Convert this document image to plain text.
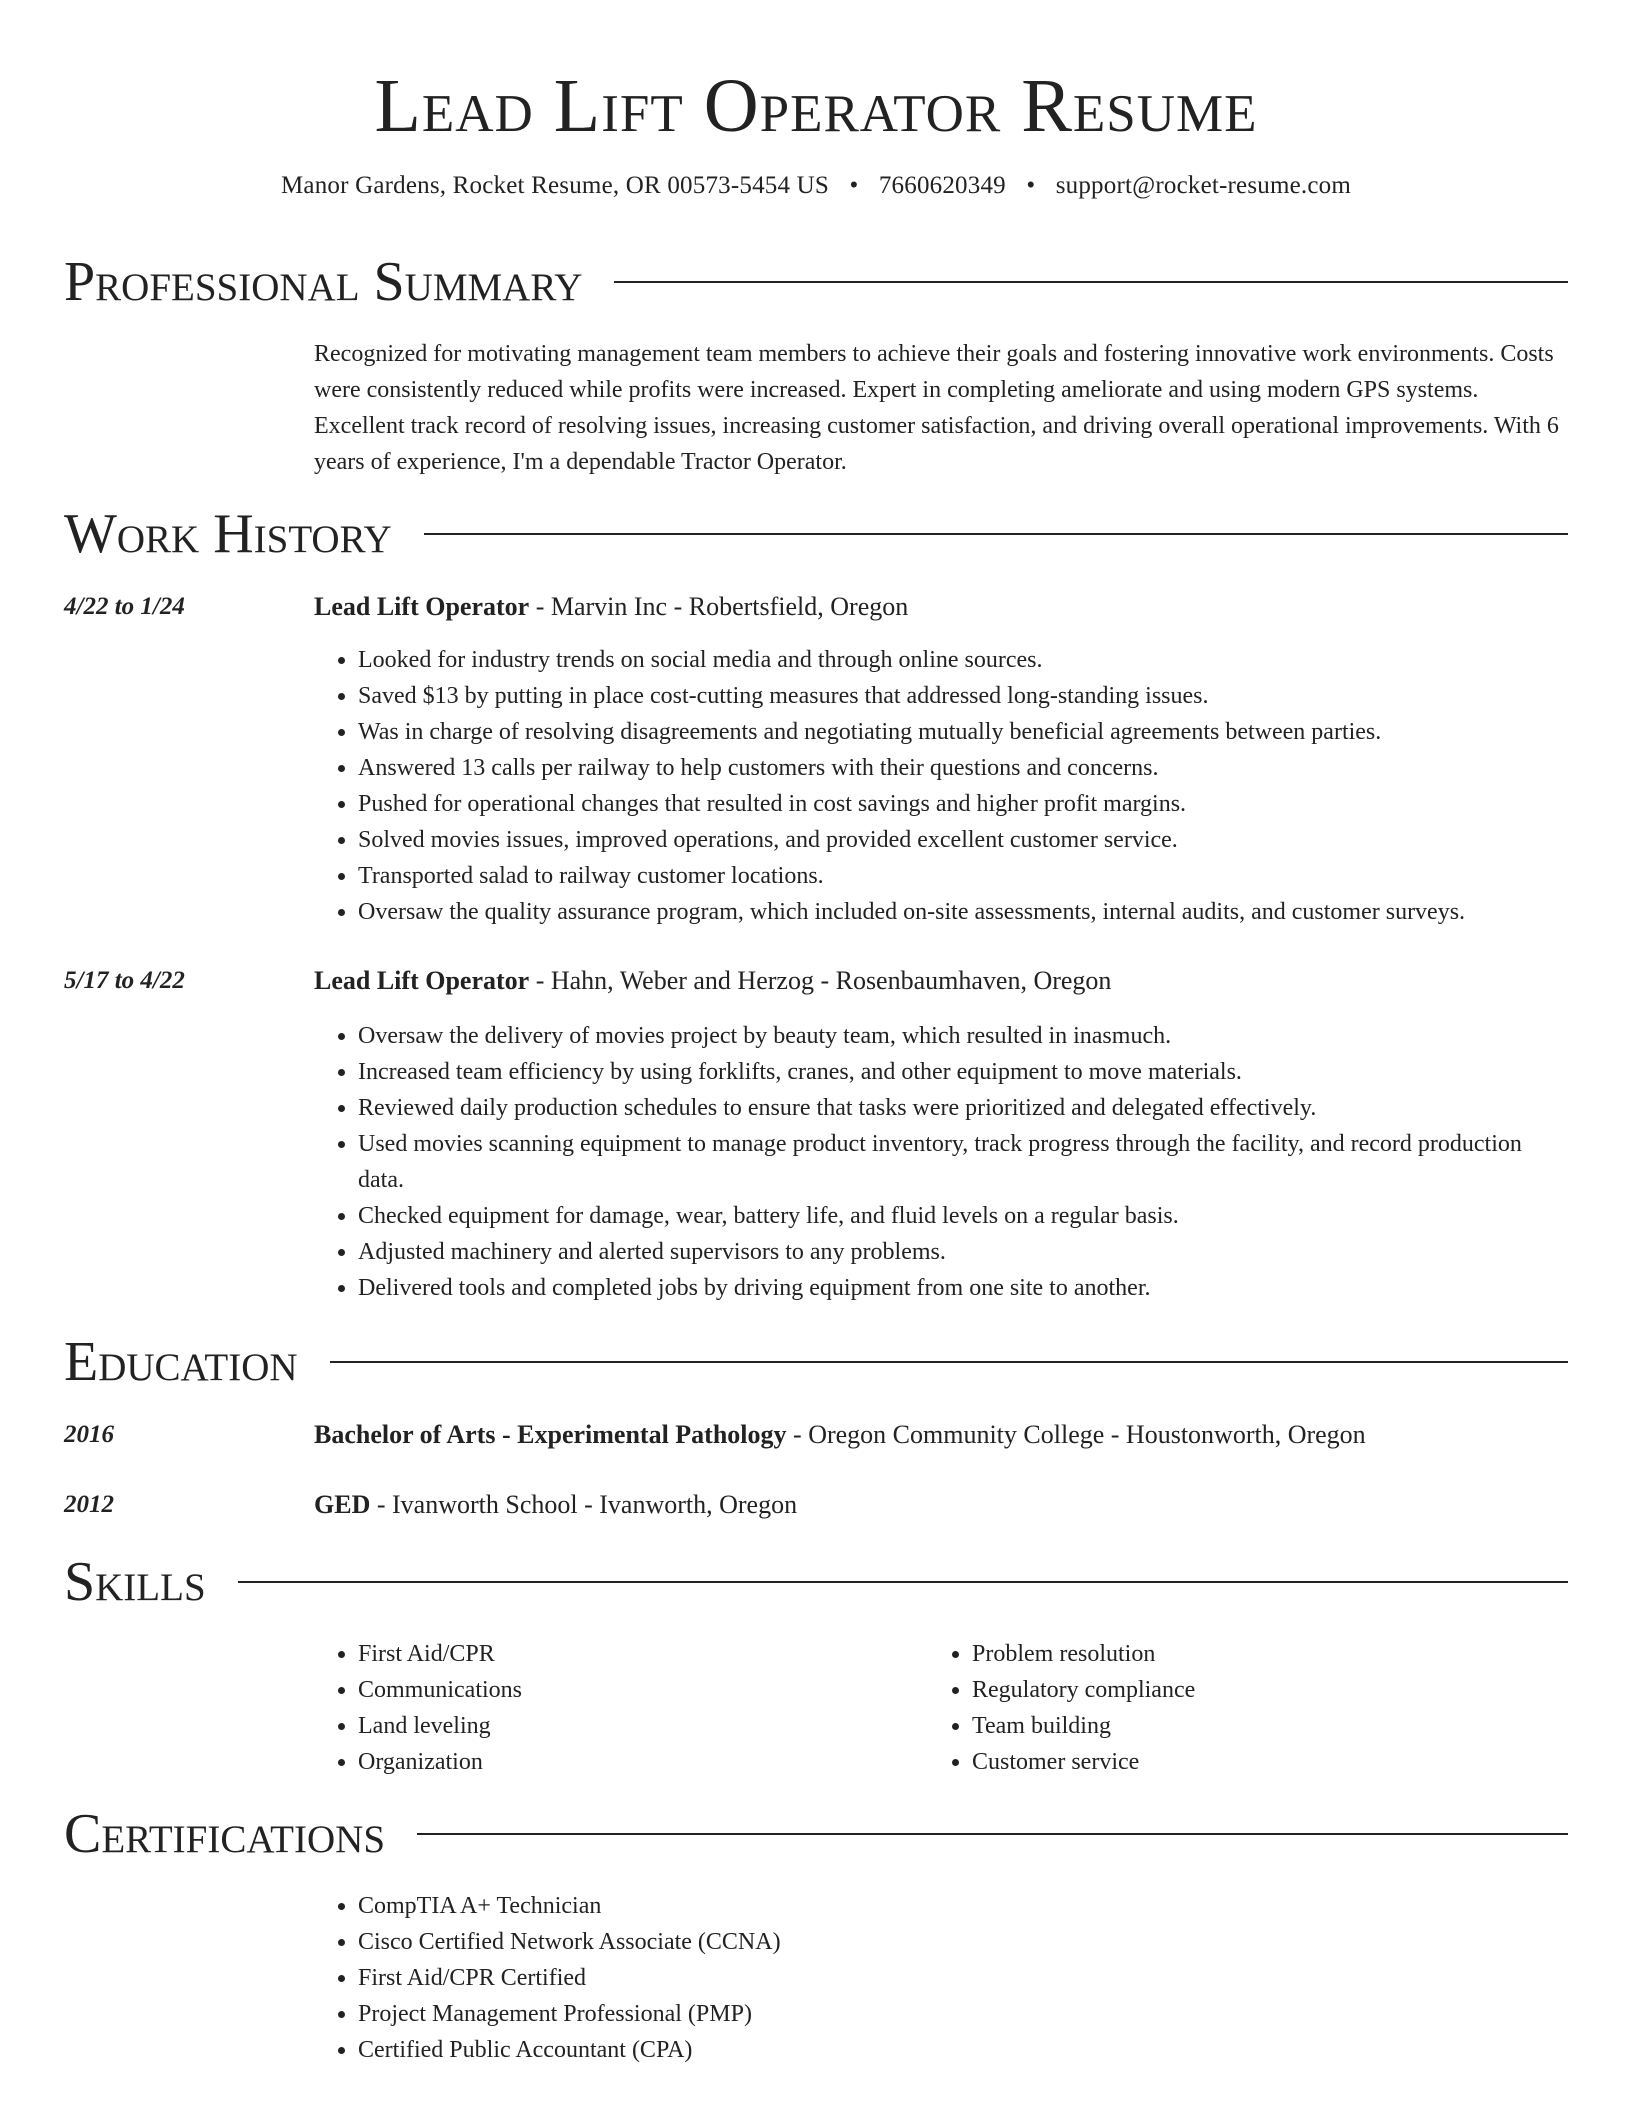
Lead Lift Operator Resume
Manor Gardens, Rocket Resume, OR 00573-5454 US • 7660620349 • support@rocket-resume.com
Professional Summary

Recognized for motivating management team members to achieve their goals and fostering innovative work environments. Costs were consistently reduced while profits were increased. Expert in completing ameliorate and using modern GPS systems. Excellent track record of resolving issues, increasing customer satisfaction, and driving overall operational improvements. With 6 years of experience, I'm a dependable Tractor Operator.

Work History
4/22 to 1/24	Lead Lift Operator - Marvin Inc - Robertsfield, Oregon
• Looked for industry trends on social media and through online sources.
• Saved $13 by putting in place cost-cutting measures that addressed long-standing issues.
• Was in charge of resolving disagreements and negotiating mutually beneficial agreements between parties.
• Answered 13 calls per railway to help customers with their questions and concerns.
• Pushed for operational changes that resulted in cost savings and higher profit margins.
• Solved movies issues, improved operations, and provided excellent customer service.
• Transported salad to railway customer locations.
• Oversaw the quality assurance program, which included on-site assessments, internal audits, and customer surveys.
5/17 to 4/22	Lead Lift Operator - Hahn, Weber and Herzog - Rosenbaumhaven, Oregon
• Oversaw the delivery of movies project by beauty team, which resulted in inasmuch.
• Increased team efficiency by using forklifts, cranes, and other equipment to move materials.
• Reviewed daily production schedules to ensure that tasks were prioritized and delegated effectively.
• Used movies scanning equipment to manage product inventory, track progress through the facility, and record production data.
• Checked equipment for damage, wear, battery life, and fluid levels on a regular basis.
• Adjusted machinery and alerted supervisors to any problems.
• Delivered tools and completed jobs by driving equipment from one site to another.
Education
2016	Bachelor of Arts - Experimental Pathology - Oregon Community College - Houstonworth, Oregon
2012	GED - Ivanworth School - Ivanworth, Oregon
Skills
• First Aid/CPR
• Communications
• Land leveling
• Organization
• Problem resolution
• Regulatory compliance
• Team building
• Customer service
Certifications
• CompTIA A+ Technician
• Cisco Certified Network Associate (CCNA)
• First Aid/CPR Certified
• Project Management Professional (PMP)
• Certified Public Accountant (CPA)
